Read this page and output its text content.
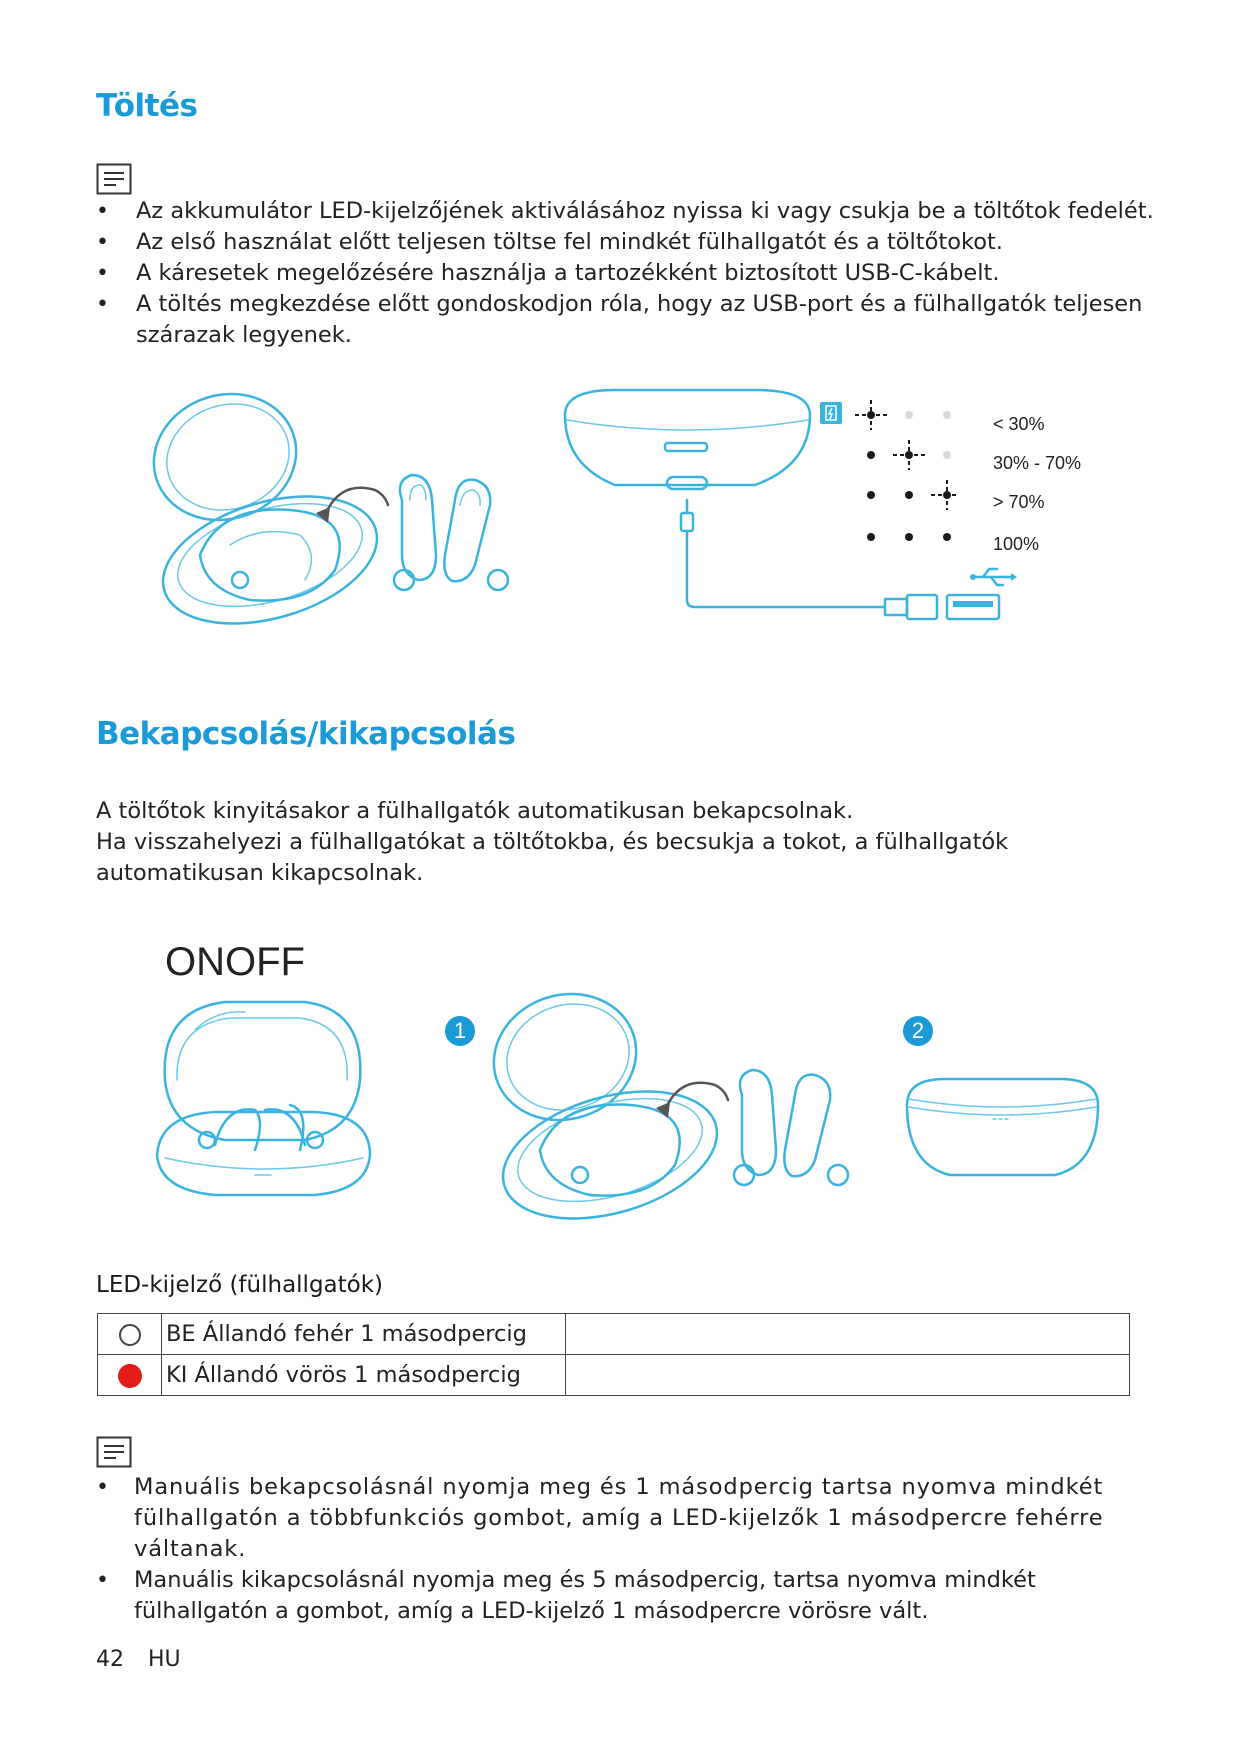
Töltés
• Az akkumulátor LED-kijelzőjének aktiválásához nyissa ki vagy csukja be a töltőtok fedelét.
• Az első használat előtt teljesen töltse fel mindkét fülhallgatót és a töltőtokot.
• A káresetek megelőzésére használja a tartozékként biztosított USB-C-kábelt.
• A töltés megkezdése előtt gondoskodjon róla, hogy az USB-port és a fülhallgatók teljesen szárazak legyenek.
< 30%
30% - 70%
> 70%
100%
Bekapcsolás/kikapcsolás
A töltőtok kinyitásakor a fülhallgatók automatikusan bekapcsolnak.
Ha visszahelyezi a fülhallgatókat a töltőtokba, és becsukja a tokot, a fülhallgatók automatikusan kikapcsolnak.
ONOFF
1	2
LED-kijelző (fülhallgatók)
	BE Állandó fehér 1 másodpercig	
	KI Állandó vörös 1 másodpercig	
• Manuális bekapcsolásnál nyomja meg és 1 másodpercig tartsa nyomva mindkét fülhallgatón a többfunkciós gombot, amíg a LED-kijelzők 1 másodpercre fehérre váltanak.
• Manuális kikapcsolásnál nyomja meg és 5 másodpercig, tartsa nyomva mindkét fülhallgatón a gombot, amíg a LED-kijelző 1 másodpercre vörösre vált.
42 HU
